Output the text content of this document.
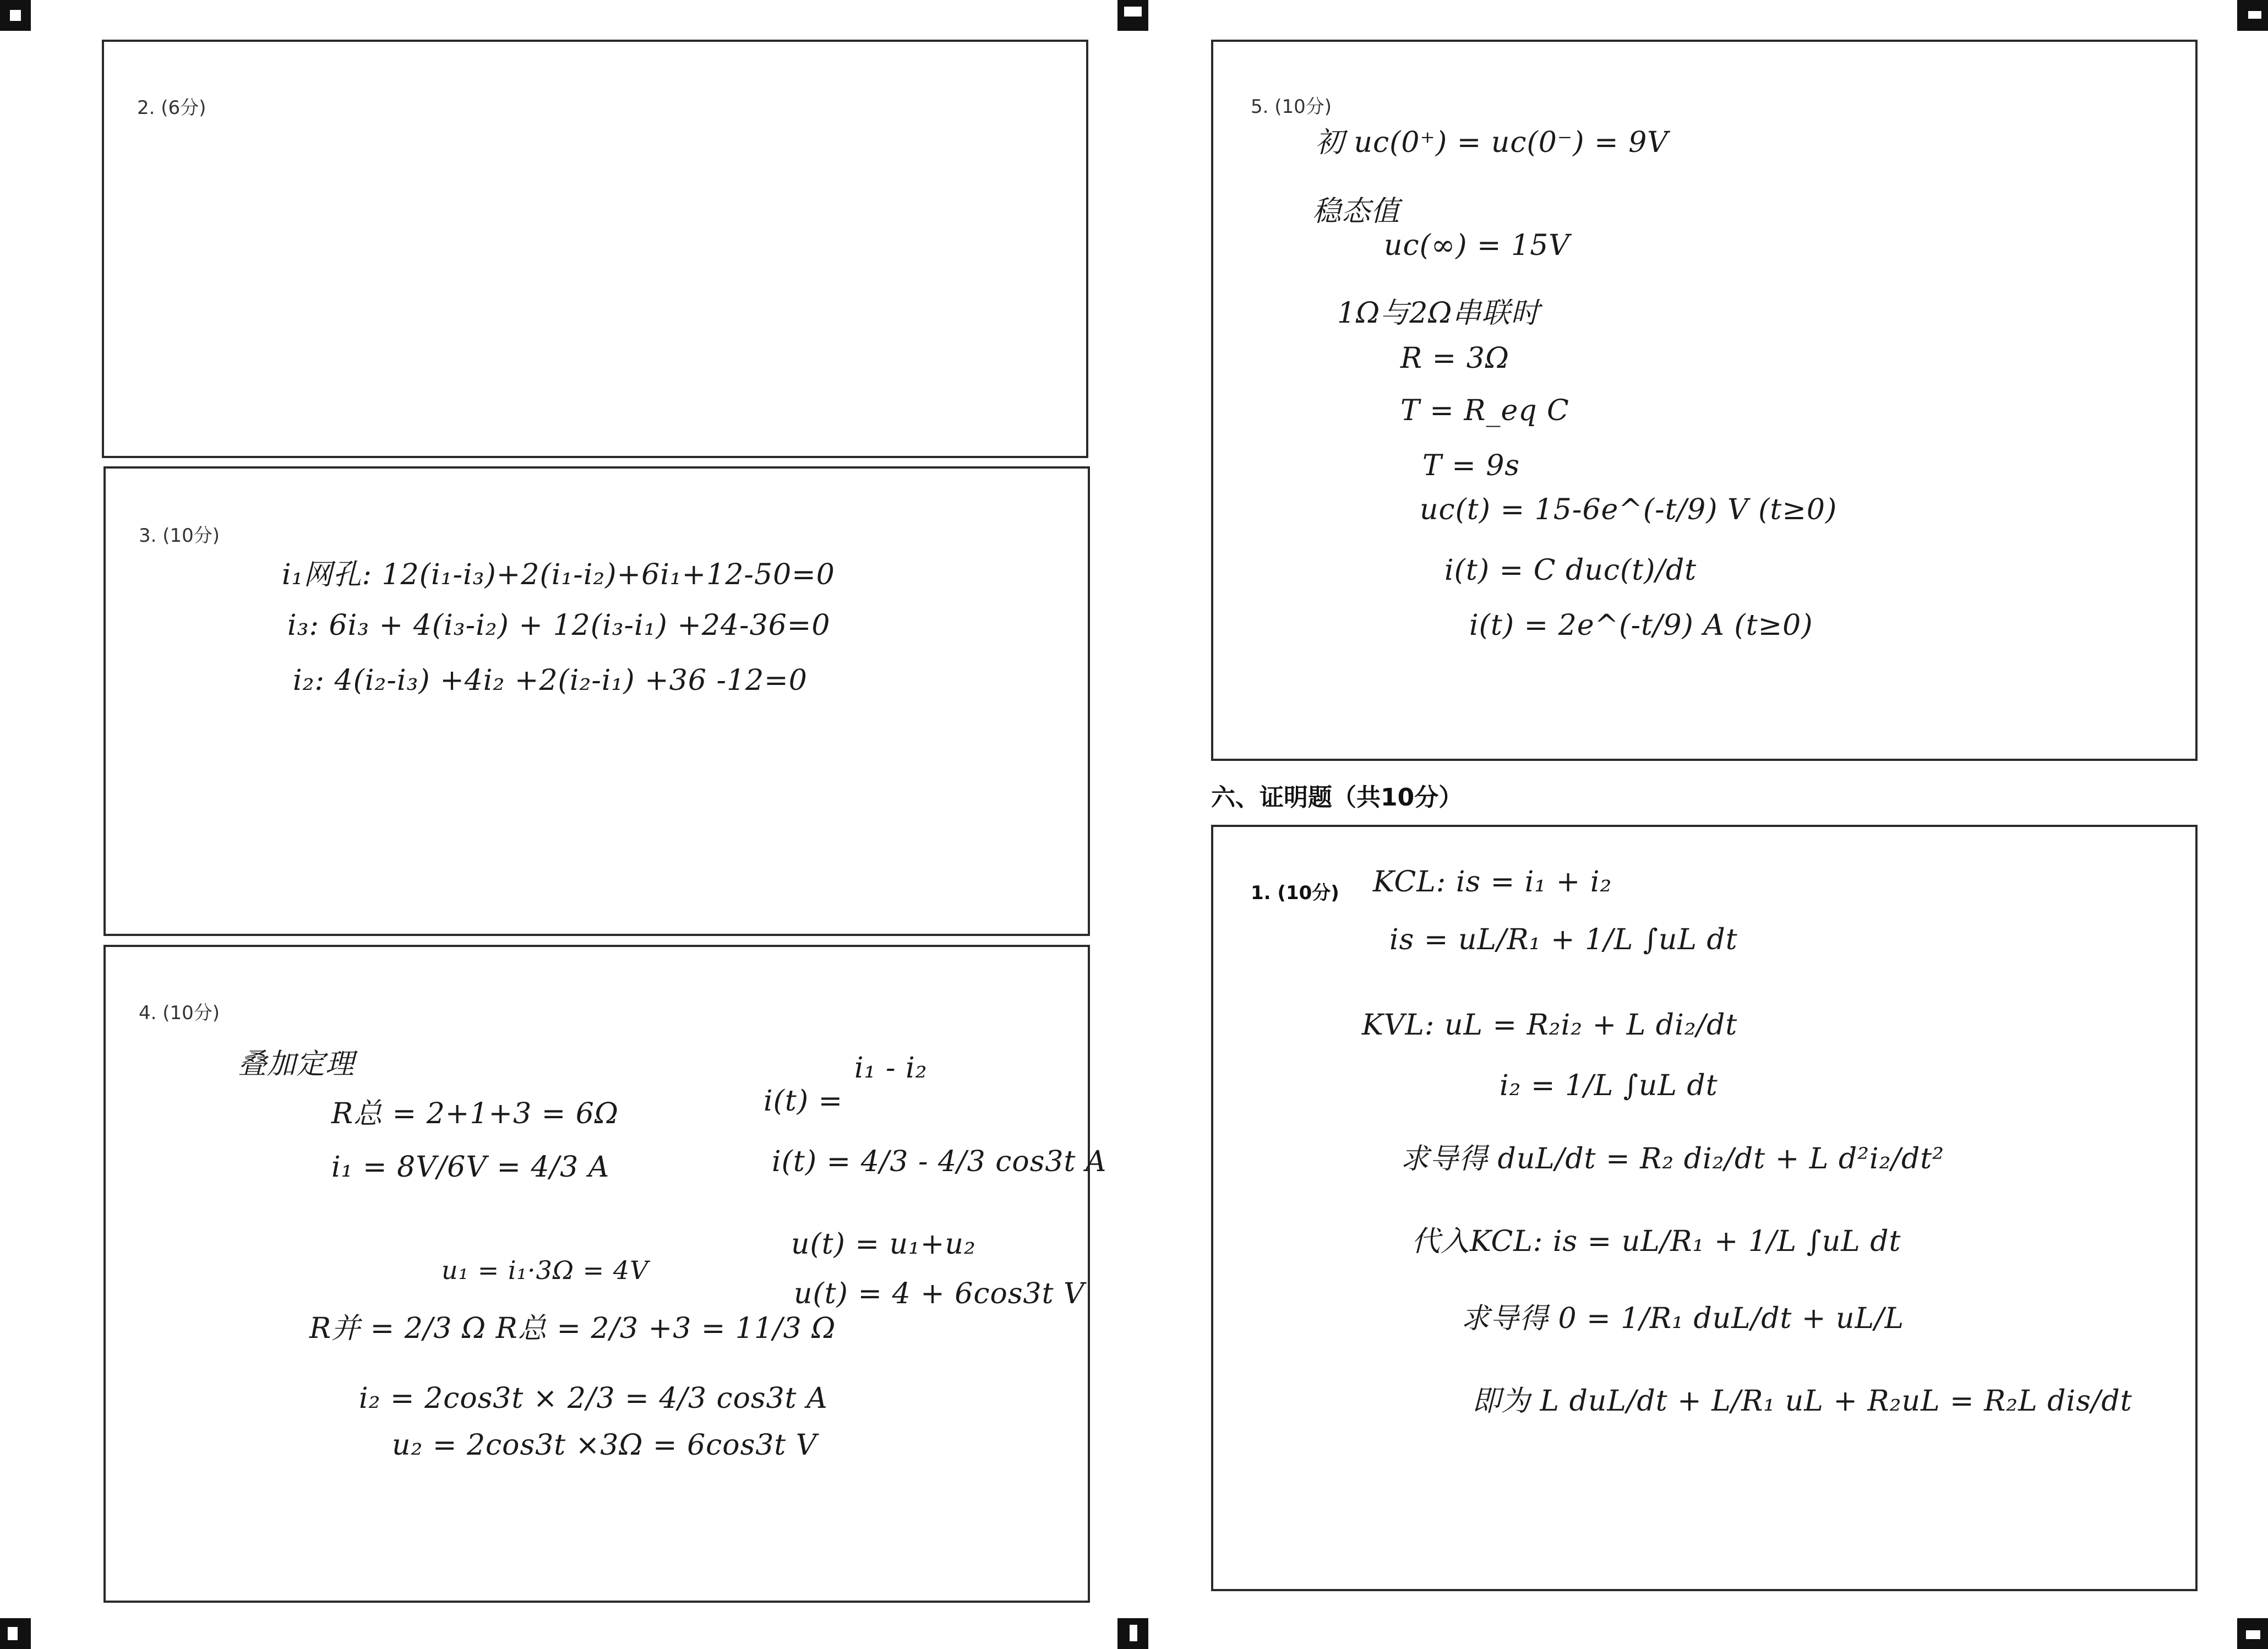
2. (6分)
3. (10分)
i₁网孔: 12(i₁-i₃)+2(i₁-i₂)+6i₁+12-50=0
i₃: 6i₃ + 4(i₃-i₂) + 12(i₃-i₁) +24-36=0
i₂: 4(i₂-i₃) +4i₂ +2(i₂-i₁) +36 -12=0
4. (10分)
叠加定理
R总 = 2+1+3 = 6Ω
i₁ = 8V/6V = 4/3 A
u₁ = i₁·3Ω = 4V
R并 = 2/3 Ω R总 = 2/3 +3 = 11/3 Ω
i₂ = 2cos3t × 2/3 = 4/3 cos3t A
u₂ = 2cos3t ×3Ω = 6cos3t V
i₁ - i₂
i(t) =
i(t) = 4/3 - 4/3 cos3t A
u(t) = u₁+u₂
u(t) = 4 + 6cos3t V
5. (10分)
初 uc(0⁺) = uc(0⁻) = 9V
稳态值
uc(∞) = 15V
1Ω与2Ω串联时
R = 3Ω
T = R_eq C
T = 9s
uc(t) = 15-6e^(-t/9) V (t≥0)
i(t) = C duc(t)/dt
i(t) = 2e^(-t/9) A (t≥0)
六、证明题（共10分）
1. (10分) KCL: is = i₁ + i₂
is = uL/R₁ + 1/L ∫uL dt
KVL: uL = R₂i₂ + L di₂/dt
i₂ = 1/L ∫uL dt
求导得 duL/dt = R₂ di₂/dt + L d²i₂/dt²
代入KCL: is = uL/R₁ + 1/L ∫uL dt
求导得 0 = 1/R₁ duL/dt + uL/L
即为 L duL/dt + L/R₁ uL + R₂uL = R₂L dis/dt
